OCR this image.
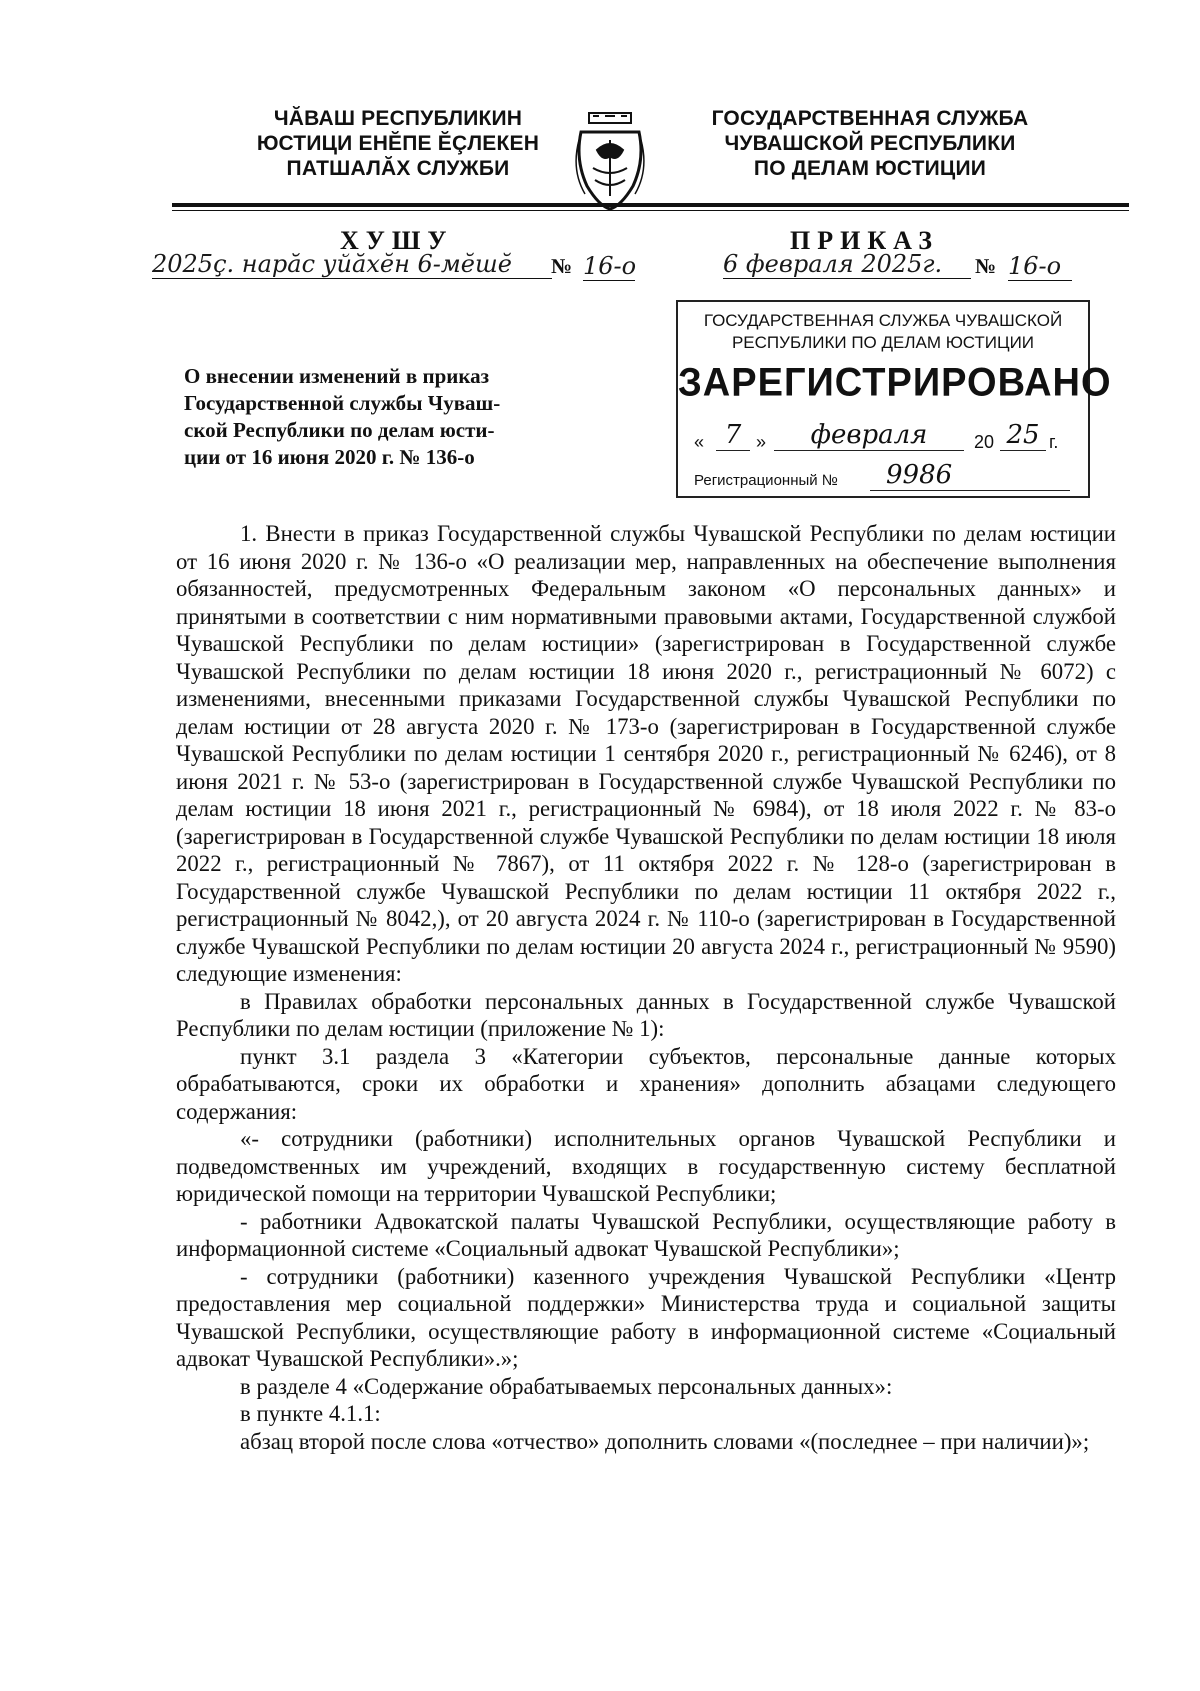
ЧĂВАШ РЕСПУБЛИКИН
ЮСТИЦИ ЕНĔПЕ ĔÇЛЕКЕН
ПАТШАЛĂХ СЛУЖБИ
ГОСУДАРСТВЕННАЯ СЛУЖБА
ЧУВАШСКОЙ РЕСПУБЛИКИ
ПО ДЕЛАМ ЮСТИЦИИ
ХУШУ	ПРИКАЗ
2025ç. нарăс уйăхĕн 6-мĕшĕ	№ 16-о	6 февраля 2025г.	№ 16-о
ГОСУДАРСТВЕННАЯ СЛУЖБА ЧУВАШСКОЙ РЕСПУБЛИКИ ПО ДЕЛАМ ЮСТИЦИИ
ЗАРЕГИСТРИРОВАНО
« 7 »	февраля	20 25 г.
Регистрационный №	9986
О внесении изменений в приказ
Государственной службы Чуваш-
ской Республики по делам юсти-
ции от 16 июня 2020 г. № 136-о

1. Внести в приказ Государственной службы Чувашской Республики по делам юстиции от 16 июня 2020 г. № 136-о «О реализации мер, направленных на обеспечение выполнения обязанностей, предусмотренных Федеральным законом «О персональных данных» и принятыми в соответствии с ним нормативными правовыми актами, Государственной службой Чувашской Республики по делам юстиции» (зарегистрирован в Государственной службе Чувашской Республики по делам юстиции 18 июня 2020 г., регистрационный № 6072) с изменениями, внесенными приказами Государственной службы Чувашской Республики по делам юстиции от 28 августа 2020 г. № 173-о (зарегистрирован в Государственной службе Чувашской Республики по делам юстиции 1 сентября 2020 г., регистрационный № 6246), от 8 июня 2021 г. № 53-о (зарегистрирован в Государственной службе Чувашской Республики по делам юстиции 18 июня 2021 г., регистрационный № 6984), от 18 июля 2022 г. № 83-о (зарегистрирован в Государственной службе Чувашской Республики по делам юстиции 18 июля 2022 г., регистрационный № 7867), от 11 октября 2022 г. № 128-о (зарегистрирован в Государственной службе Чувашской Республики по делам юстиции 11 октября 2022 г., регистрационный № 8042,), от 20 августа 2024 г. № 110-о (зарегистрирован в Государственной службе Чувашской Республики по делам юстиции 20 августа 2024 г., регистрационный № 9590) следующие изменения:

в Правилах обработки персональных данных в Государственной службе Чувашской Республики по делам юстиции (приложение № 1):

пункт 3.1 раздела 3 «Категории субъектов, персональные данные которых обрабатываются, сроки их обработки и хранения» дополнить абзацами следующего содержания:

«- сотрудники (работники) исполнительных органов Чувашской Республики и подведомственных им учреждений, входящих в государственную систему бесплатной юридической помощи на территории Чувашской Республики;

- работники Адвокатской палаты Чувашской Республики, осуществляющие работу в информационной системе «Социальный адвокат Чувашской Республики»;

- сотрудники (работники) казенного учреждения Чувашской Республики «Центр предоставления мер социальной поддержки» Министерства труда и социальной защиты Чувашской Республики, осуществляющие работу в информационной системе «Социальный адвокат Чувашской Республики».»;

в разделе 4 «Содержание обрабатываемых персональных данных»:

в пункте 4.1.1:

абзац второй после слова «отчество» дополнить словами «(последнее – при наличии)»;
